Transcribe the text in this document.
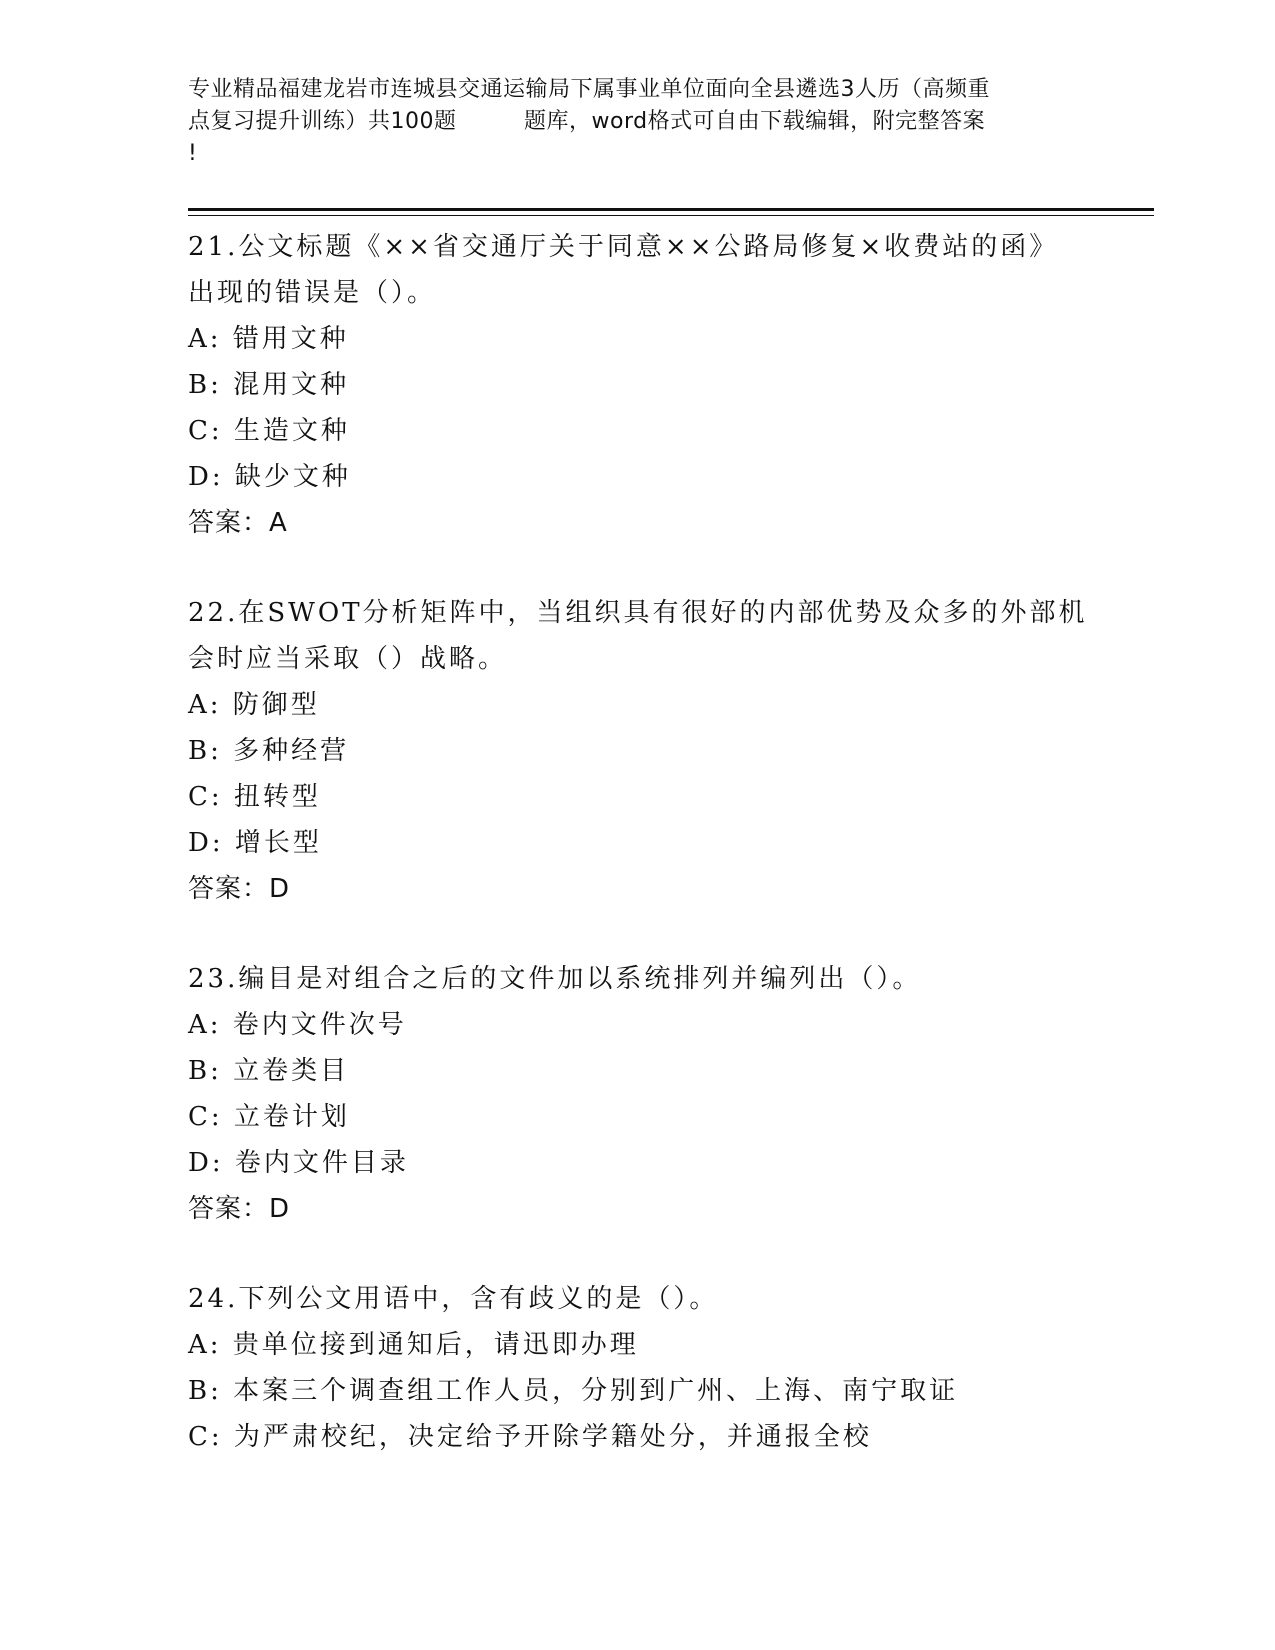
专业精品福建龙岩市连城县交通运输局下属事业单位面向全县遴选3人历（高频重
点复习提升训练）共100题　　　题库，word格式可自由下载编辑，附完整答案
!
21.公文标题《××省交通厅关于同意××公路局修复×收费站的函》
出现的错误是（）。
A: 错用文种
B: 混用文种
C: 生造文种
D: 缺少文种
答案：A
22.在SWOT分析矩阵中，当组织具有很好的内部优势及众多的外部机
会时应当采取（）战略。
A: 防御型
B: 多种经营
C: 扭转型
D: 增长型
答案：D
23.编目是对组合之后的文件加以系统排列并编列出（）。
A: 卷内文件次号
B: 立卷类目
C: 立卷计划
D: 卷内文件目录
答案：D
24.下列公文用语中，含有歧义的是（）。
A: 贵单位接到通知后，请迅即办理
B: 本案三个调查组工作人员，分别到广州、上海、南宁取证
C: 为严肃校纪，决定给予开除学籍处分，并通报全校
